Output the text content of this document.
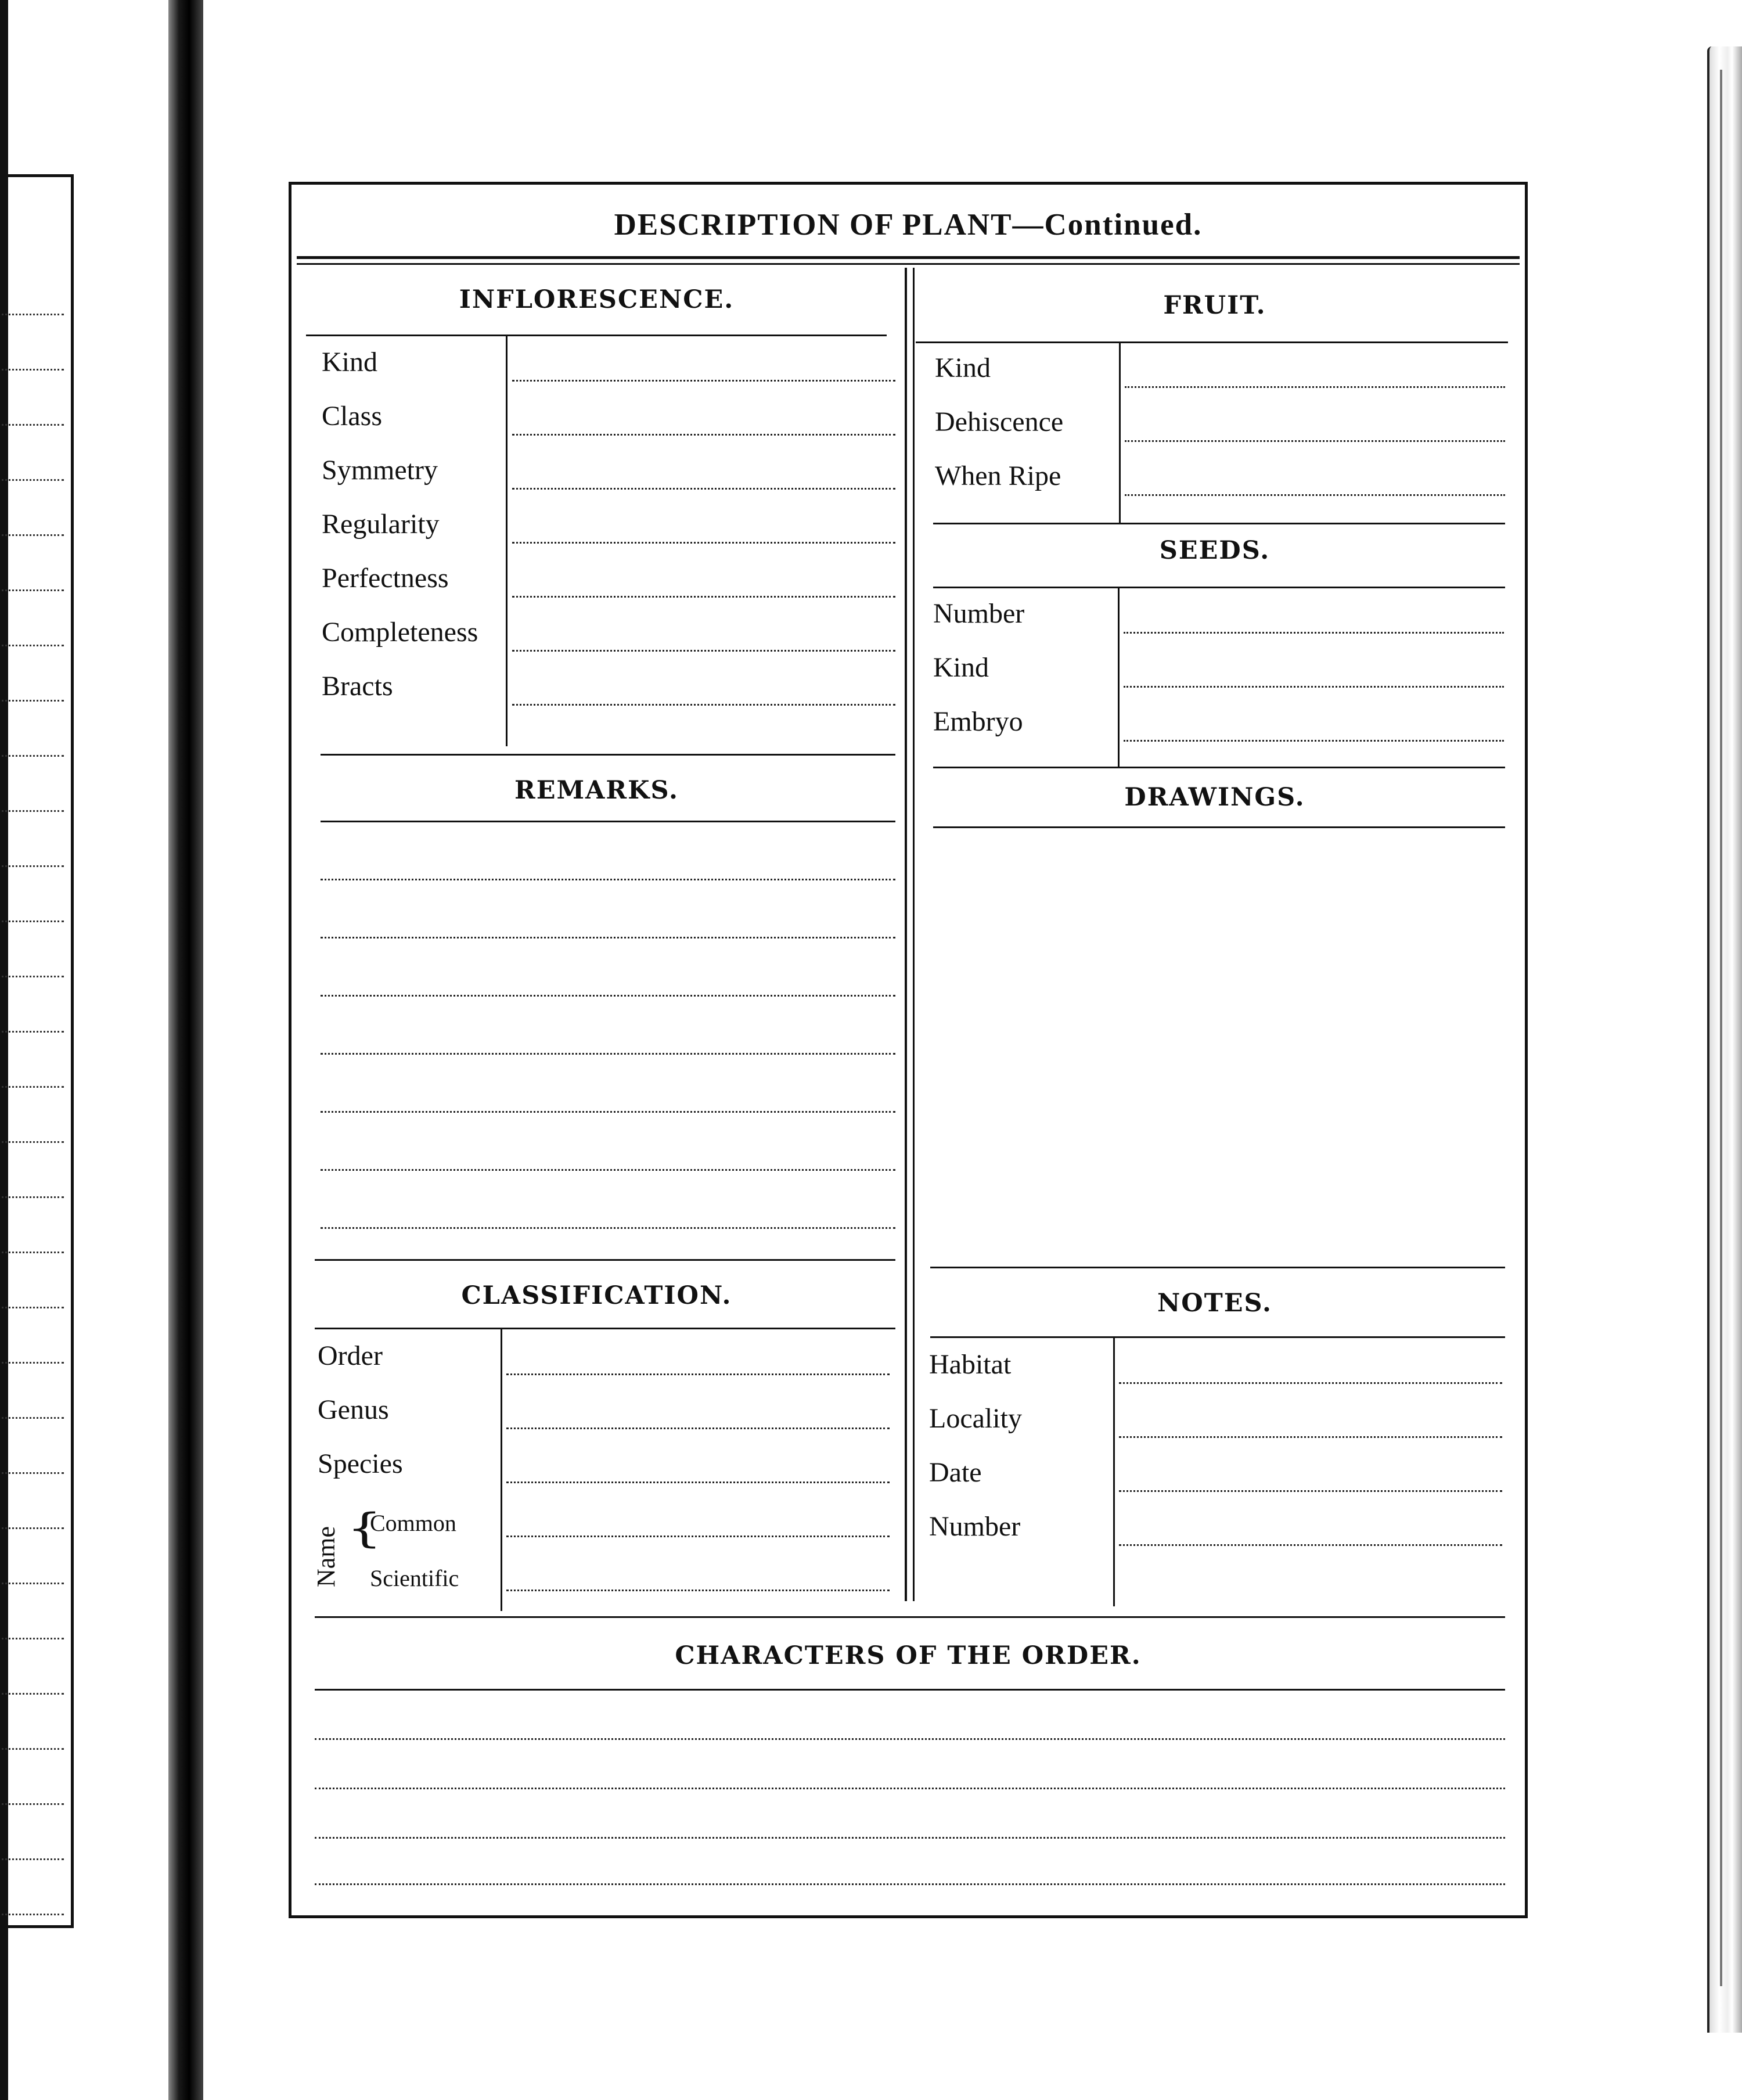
DESCRIPTION OF PLANT—Continued.
INFLORESCENCE.
Kind
Class
Symmetry
Regularity
Perfectness
Completeness
Bracts
REMARKS.
CLASSIFICATION.
Order
Genus
Species
Name {
Common
Scientific
FRUIT.
Kind
Dehiscence
When Ripe
SEEDS.
Number
Kind
Embryo
DRAWINGS.
NOTES.
Habitat
Locality
Date
Number
CHARACTERS OF THE ORDER.
